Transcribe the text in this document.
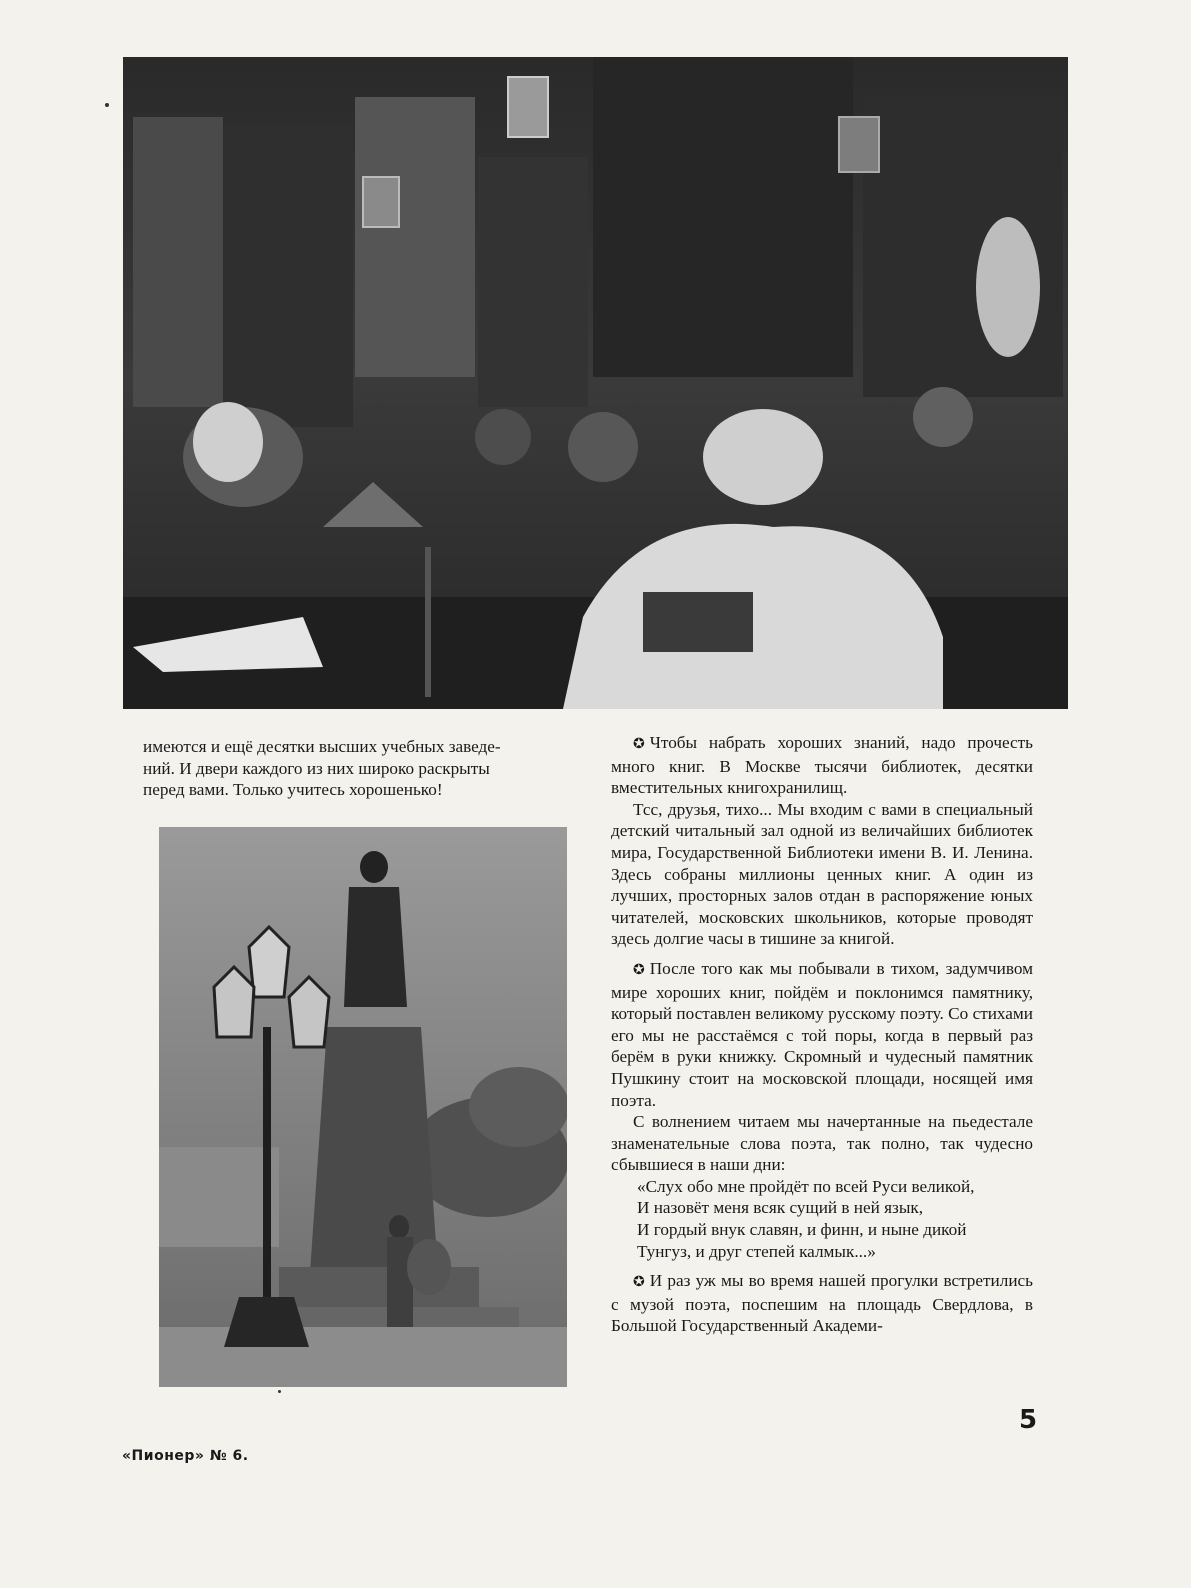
имеются и ещё десятки высших учебных заведе-

ний. И двери каждого из них широко раскрыты

перед вами. Только учитесь хорошенько!

✪ Чтобы набрать хороших знаний, надо прочесть много книг. В Москве тысячи библиотек, десятки вместительных книгохранилищ.

Тсс, друзья, тихо... Мы входим с вами в специальный детский читальный зал одной из величайших библиотек мира, Государственной Библиотеки имени В. И. Ленина. Здесь собраны миллионы ценных книг. А один из лучших, просторных залов отдан в распоряжение юных читателей, московских школьников, которые проводят здесь долгие часы в тишине за книгой.

✪ После того как мы побывали в тихом, задумчивом мире хороших книг, пойдём и поклонимся памятнику, который поставлен великому русскому поэту. Со стихами его мы не расстаёмся с той поры, когда в первый раз берём в руки книжку. Скромный и чудесный памятник Пушкину стоит на московской площади, носящей имя поэта.

С волнением читаем мы начертанные на пьедестале знаменательные слова поэта, так полно, так чудесно сбывшиеся в наши дни:

«Слух обо мне пройдёт по всей Руси великой,
И назовёт меня всяк сущий в ней язык,
И гордый внук славян, и финн, и ныне дикой
Тунгуз, и друг степей калмык...»

✪ И раз уж мы во время нашей прогулки встретились с музой поэта, поспешим на площадь Свердлова, в Большой Государственный Академи-

«Пионер» № 6.
5
